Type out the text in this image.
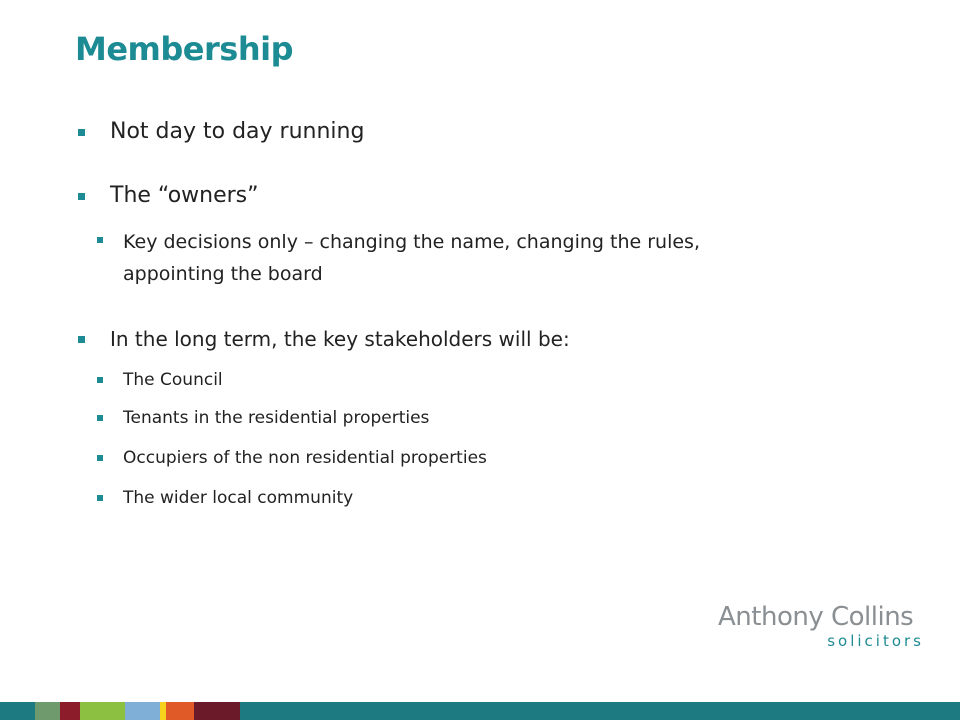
Membership
Not day to day running
The “owners”
Key decisions only – changing the name, changing the rules,
appointing the board
In the long term, the key stakeholders will be:
The Council
Tenants in the residential properties
Occupiers of the non residential properties
The wider local community
Anthony Collins
solicitors
